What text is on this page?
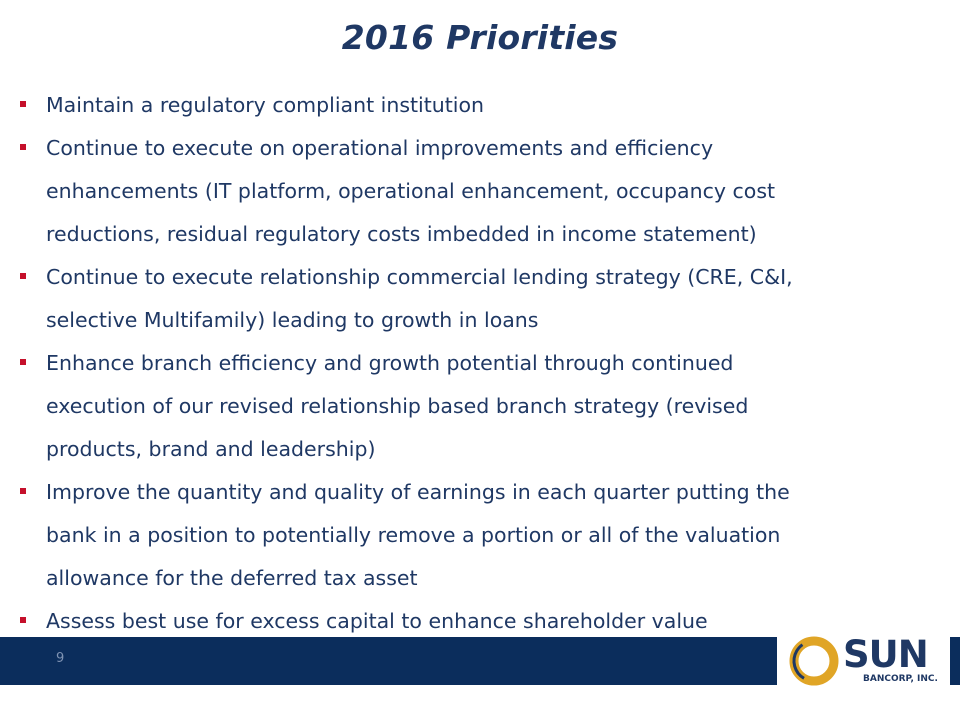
2016 Priorities
Maintain a regulatory compliant institution
Continue to execute on operational improvements and efficiency
enhancements (IT platform, operational enhancement, occupancy cost
reductions, residual regulatory costs imbedded in income statement)
Continue to execute relationship commercial lending strategy (CRE, C&I,
selective Multifamily) leading to growth in loans
Enhance branch efficiency and growth potential through continued
execution of our revised relationship based branch strategy (revised
products, brand and leadership)
Improve the quantity and quality of earnings in each quarter putting the
bank in a position to potentially remove a portion or all of the valuation
allowance for the deferred tax asset
Assess best use for excess capital to enhance shareholder value
9	SUN
BANCORP, INC.
